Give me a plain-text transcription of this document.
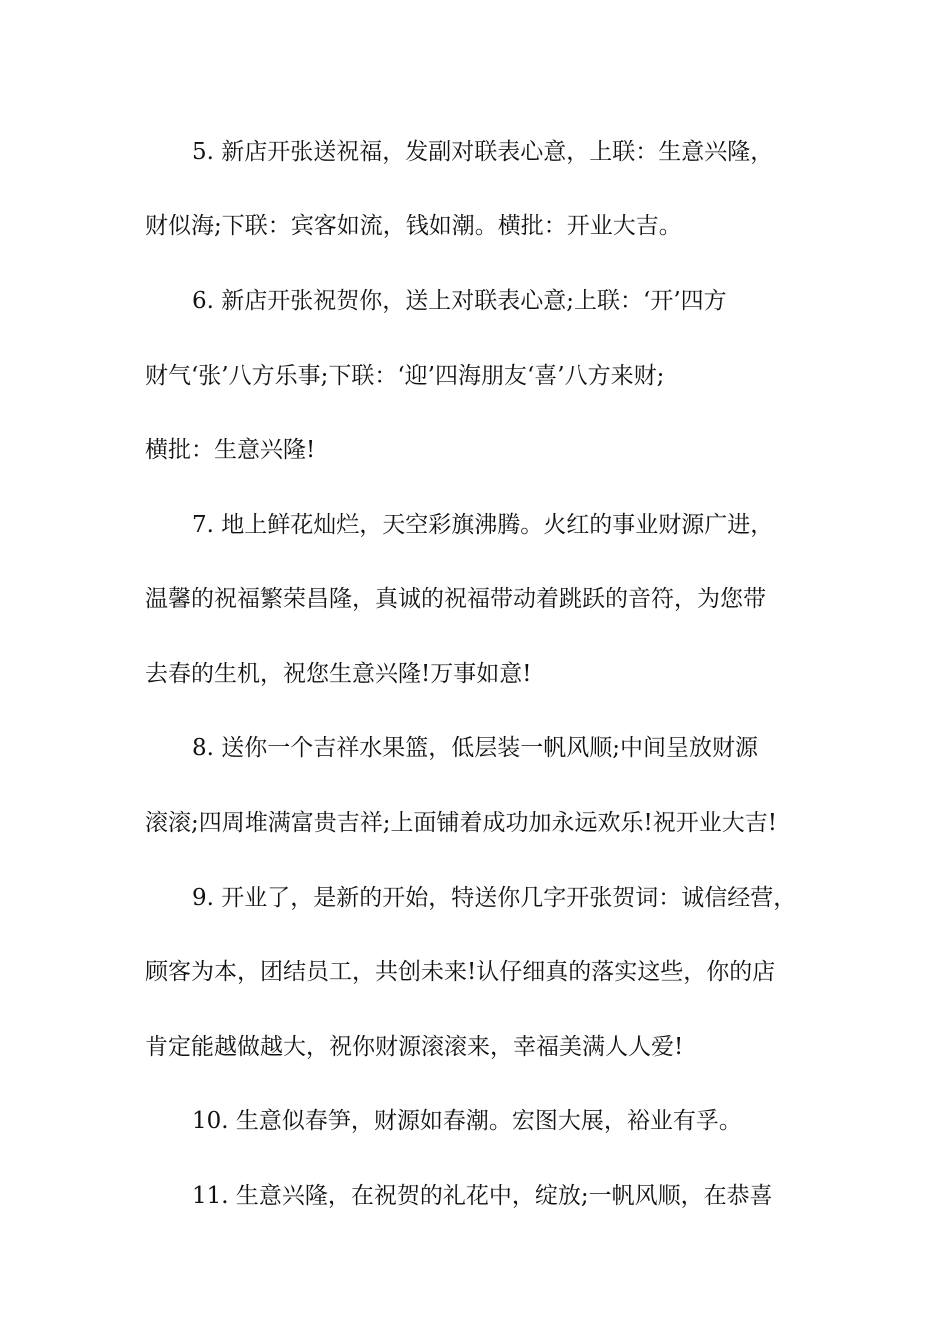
5. 新店开张送祝福，发副对联表心意，上联：生意兴隆，

财似海;下联：宾客如流，钱如潮。横批：开业大吉。

6. 新店开张祝贺你，送上对联表心意;上联：‘开’四方

财气‘张’八方乐事;下联：‘迎’四海朋友‘喜’八方来财;

横批：生意兴隆!

7. 地上鲜花灿烂，天空彩旗沸腾。火红的事业财源广进，

温馨的祝福繁荣昌隆，真诚的祝福带动着跳跃的音符，为您带

去春的生机，祝您生意兴隆!万事如意!

8. 送你一个吉祥水果篮，低层装一帆风顺;中间呈放财源

滚滚;四周堆满富贵吉祥;上面铺着成功加永远欢乐!祝开业大吉!

9. 开业了，是新的开始，特送你几字开张贺词：诚信经营，

顾客为本，团结员工，共创未来!认仔细真的落实这些，你的店

肯定能越做越大，祝你财源滚滚来，幸福美满人人爱!

10. 生意似春笋，财源如春潮。宏图大展，裕业有孚。

11. 生意兴隆，在祝贺的礼花中，绽放;一帆风顺，在恭喜
